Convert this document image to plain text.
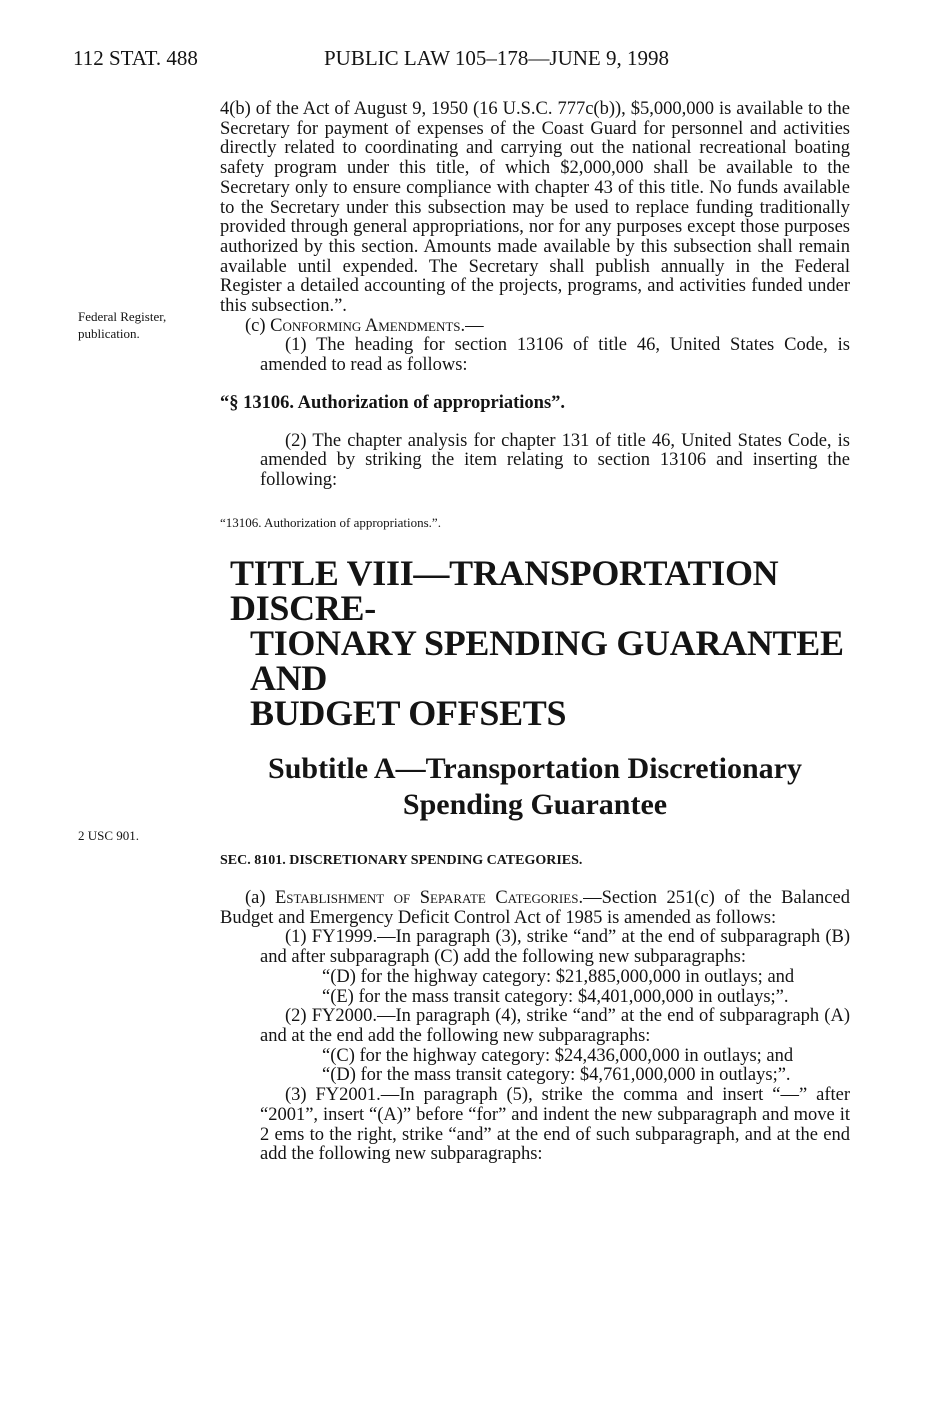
112 STAT. 488	PUBLIC LAW 105–178—JUNE 9, 1998
Federal Register,
publication.
2 USC 901.

4(b) of the Act of August 9, 1950 (16 U.S.C. 777c(b)), $5,000,000 is available to the Secretary for payment of expenses of the Coast Guard for personnel and activities directly related to coordinating and carrying out the national recreational boating safety program under this title, of which $2,000,000 shall be available to the Secretary only to ensure compliance with chapter 43 of this title. No funds available to the Secretary under this subsection may be used to replace funding traditionally provided through general appropriations, nor for any purposes except those purposes authorized by this section. Amounts made available by this subsection shall remain available until expended. The Secretary shall publish annually in the Federal Register a detailed accounting of the projects, programs, and activities funded under this subsection.”.

(c) Conforming Amendments.—

(1) The heading for section 13106 of title 46, United States Code, is amended to read as follows:

“§ 13106. Authorization of appropriations”.

(2) The chapter analysis for chapter 131 of title 46, United States Code, is amended by striking the item relating to section 13106 and inserting the following:

“13106. Authorization of appropriations.”.

TITLE VIII—TRANSPORTATION DISCRE-

TIONARY SPENDING GUARANTEE AND
BUDGET OFFSETS

Subtitle A—Transportation Discretionary
Spending Guarantee

SEC. 8101. DISCRETIONARY SPENDING CATEGORIES.

(a) Establishment of Separate Categories.—Section 251(c) of the Balanced Budget and Emergency Deficit Control Act of 1985 is amended as follows:

(1) FY1999.—In paragraph (3), strike “and” at the end of subparagraph (B) and after subparagraph (C) add the following new subparagraphs:

“(D) for the highway category: $21,885,000,000 in outlays; and

“(E) for the mass transit category: $4,401,000,000 in outlays;”.

(2) FY2000.—In paragraph (4), strike “and” at the end of subparagraph (A) and at the end add the following new subparagraphs:

“(C) for the highway category: $24,436,000,000 in outlays; and

“(D) for the mass transit category: $4,761,000,000 in outlays;”.

(3) FY2001.—In paragraph (5), strike the comma and insert “—” after “2001”, insert “(A)” before “for” and indent the new subparagraph and move it 2 ems to the right, strike “and” at the end of such subparagraph, and at the end add the following new subparagraphs:
